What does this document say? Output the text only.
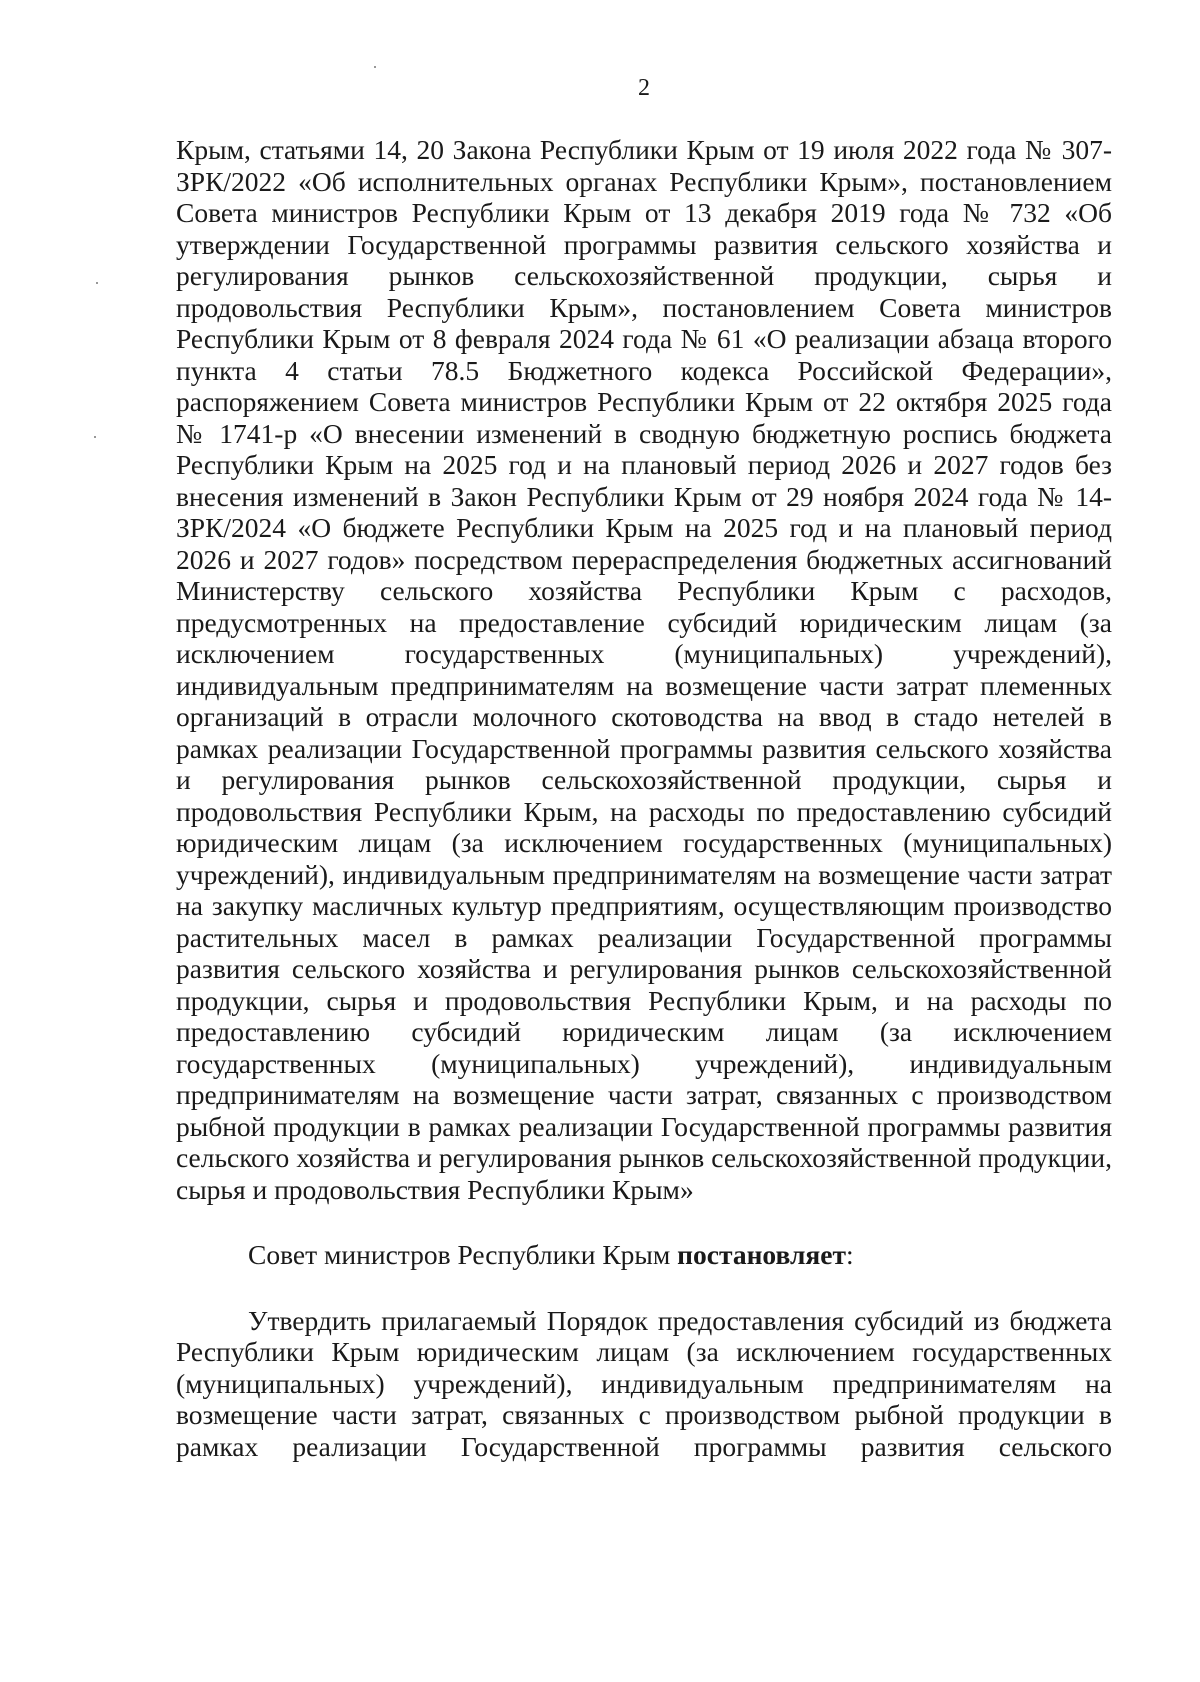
2

Крым, статьями 14, 20 Закона Республики Крым от 19 июля 2022 года № 307-ЗРК/2022 «Об исполнительных органах Республики Крым», постановлением Совета министров Республики Крым от 13 декабря 2019 года № 732 «Об утверждении Государственной программы развития сельского хозяйства и регулирования рынков сельскохозяйственной продукции, сырья и продовольствия Республики Крым», постановлением Совета министров Республики Крым от 8 февраля 2024 года № 61 «О реализации абзаца второго пункта 4 статьи 78.5 Бюджетного кодекса Российской Федерации», распоряжением Совета министров Республики Крым от 22 октября 2025 года № 1741-р «О внесении изменений в сводную бюджетную роспись бюджета Республики Крым на 2025 год и на плановый период 2026 и 2027 годов без внесения изменений в Закон Республики Крым от 29 ноября 2024 года № 14-ЗРК/2024 «О бюджете Республики Крым на 2025 год и на плановый период 2026 и 2027 годов» посредством перераспределения бюджетных ассигнований Министерству сельского хозяйства Республики Крым с расходов, предусмотренных на предоставление субсидий юридическим лицам (за исключением государственных (муниципальных) учреждений), индивидуальным предпринимателям на возмещение части затрат племенных организаций в отрасли молочного скотоводства на ввод в стадо нетелей в рамках реализации Государственной программы развития сельского хозяйства и регулирования рынков сельскохозяйственной продукции, сырья и продовольствия Республики Крым, на расходы по предоставлению субсидий юридическим лицам (за исключением государственных (муниципальных) учреждений), индивидуальным предпринимателям на возмещение части затрат на закупку масличных культур предприятиям, осуществляющим производство растительных масел в рамках реализации Государственной программы развития сельского хозяйства и регулирования рынков сельскохозяйственной продукции, сырья и продовольствия Республики Крым, и на расходы по предоставлению субсидий юридическим лицам (за исключением государственных (муниципальных) учреждений), индивидуальным предпринимателям на возмещение части затрат, связанных с производством рыбной продукции в рамках реализации Государственной программы развития сельского хозяйства и регулирования рынков сельскохозяйственной продукции, сырья и продовольствия Республики Крым»

Совет министров Республики Крым постановляет:

Утвердить прилагаемый Порядок предоставления субсидий из бюджета Республики Крым юридическим лицам (за исключением государственных (муниципальных) учреждений), индивидуальным предпринимателям на возмещение части затрат, связанных с производством рыбной продукции в рамках реализации Государственной программы развития сельского
